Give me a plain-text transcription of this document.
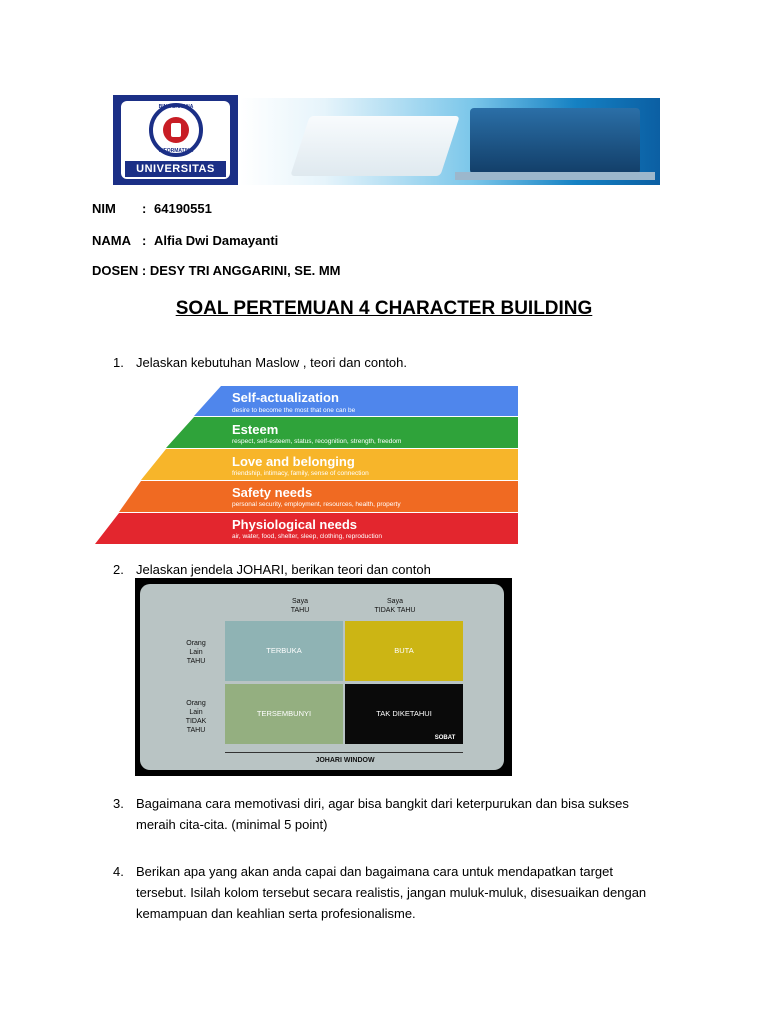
BINA SARANA
INFORMATIKA
UNIVERSITAS
NIM : 64190551
NAMA : Alfia Dwi Damayanti
DOSEN : DESY TRI ANGGARINI, SE. MM
SOAL PERTEMUAN 4 CHARACTER BUILDING
1. Jelaskan kebutuhan Maslow , teori dan contoh.
Self-actualization
desire to become the most that one can be
Esteem
respect, self-esteem, status, recognition, strength, freedom
Love and belonging
friendship, intimacy, family, sense of connection
Safety needs
personal security, employment, resources, health, property
Physiological needs
air, water, food, shelter, sleep, clothing, reproduction
2. Jelaskan jendela JOHARI, berikan teori dan contoh
Saya
TAHU
Saya
TIDAK TAHU
Orang
Lain
TAHU
Orang
Lain
TIDAK
TAHU
TERBUKA	BUTA
TERSEMBUNYI	TAK DIKETAHUI
SOBAT
JOHARI WINDOW
3. Bagaimana cara memotivasi diri, agar bisa bangkit dari keterpurukan dan bisa sukses meraih cita-cita. (minimal 5 point)
4. Berikan apa yang akan anda capai dan bagaimana cara untuk mendapatkan target tersebut. Isilah kolom tersebut secara realistis, jangan muluk-muluk, disesuaikan dengan kemampuan dan keahlian serta profesionalisme.
